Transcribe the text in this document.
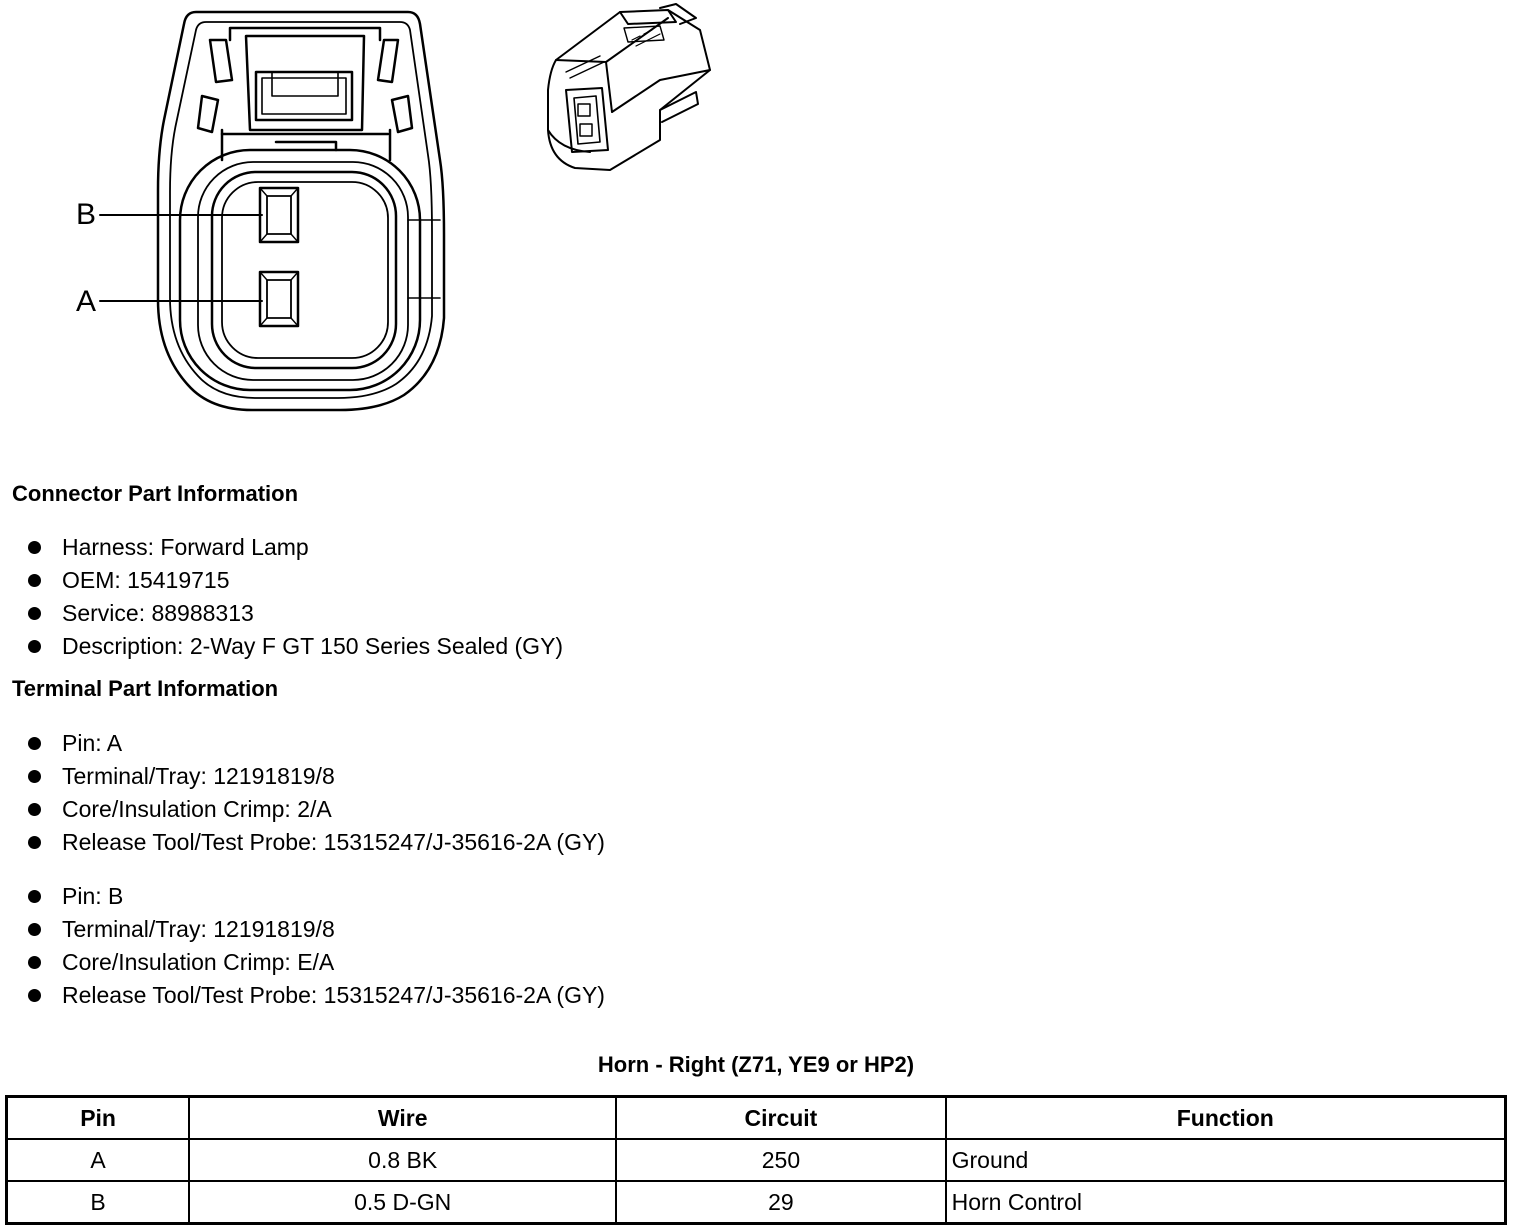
B
A
Connector Part Information
Harness: Forward Lamp
OEM: 15419715
Service: 88988313
Description: 2-Way F GT 150 Series Sealed (GY)
Terminal Part Information
Pin: A
Terminal/Tray: 12191819/8
Core/Insulation Crimp: 2/A
Release Tool/Test Probe: 15315247/J-35616-2A (GY)
Pin: B
Terminal/Tray: 12191819/8
Core/Insulation Crimp: E/A
Release Tool/Test Probe: 15315247/J-35616-2A (GY)
Horn - Right (Z71, YE9 or HP2)
Pin	Wire	Circuit	Function
A	0.8 BK	250	Ground
B	0.5 D-GN	29	Horn Control
